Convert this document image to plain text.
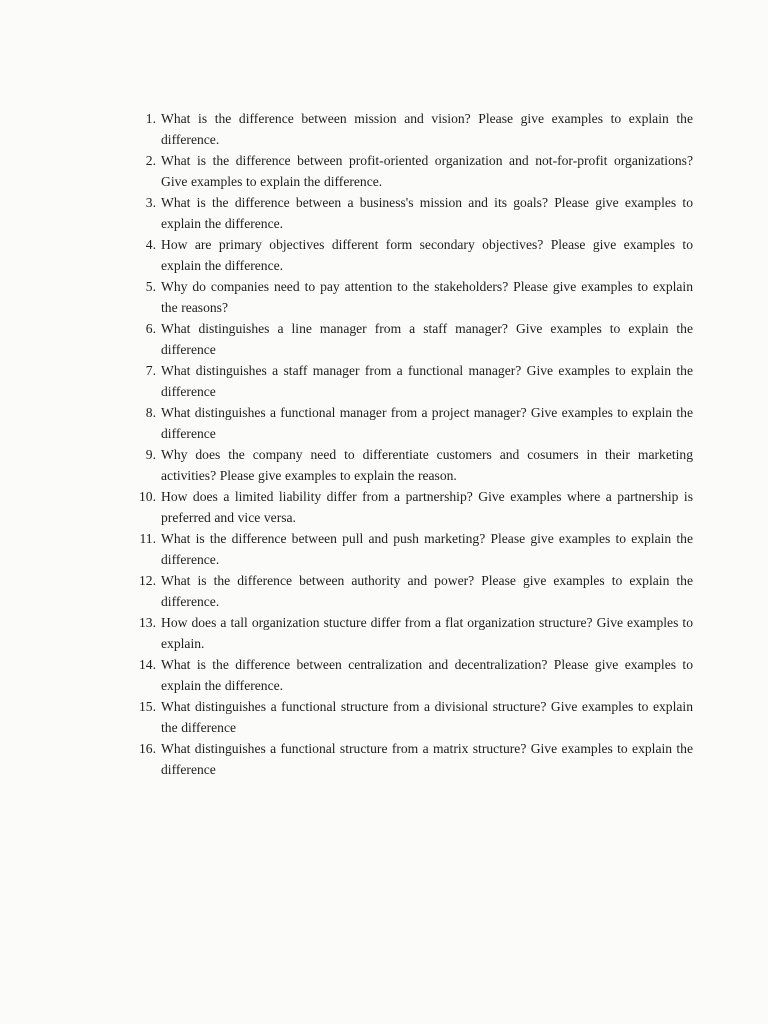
1. What is the difference between mission and vision? Please give examples to explain the difference.
2. What is the difference between profit-oriented organization and not-for-profit organizations? Give examples to explain the difference.
3. What is the difference between a business's mission and its goals? Please give examples to explain the difference.
4. How are primary objectives different form secondary objectives? Please give examples to explain the difference.
5. Why do companies need to pay attention to the stakeholders? Please give examples to explain the reasons?
6. What distinguishes a line manager from a staff manager? Give examples to explain the difference
7. What distinguishes a staff manager from a functional manager? Give examples to explain the difference
8. What distinguishes a functional manager from a project manager? Give examples to explain the difference
9. Why does the company need to differentiate customers and cosumers in their marketing activities? Please give examples to explain the reason.
10. How does a limited liability differ from a partnership? Give examples where a partnership is preferred and vice versa.
11. What is the difference between pull and push marketing? Please give examples to explain the difference.
12. What is the difference between authority and power? Please give examples to explain the difference.
13. How does a tall organization stucture differ from a flat organization structure? Give examples to explain.
14. What is the difference between centralization and decentralization? Please give examples to explain the difference.
15. What distinguishes a functional structure from a divisional structure? Give examples to explain the difference
16. What distinguishes a functional structure from a matrix structure? Give examples to explain the difference
